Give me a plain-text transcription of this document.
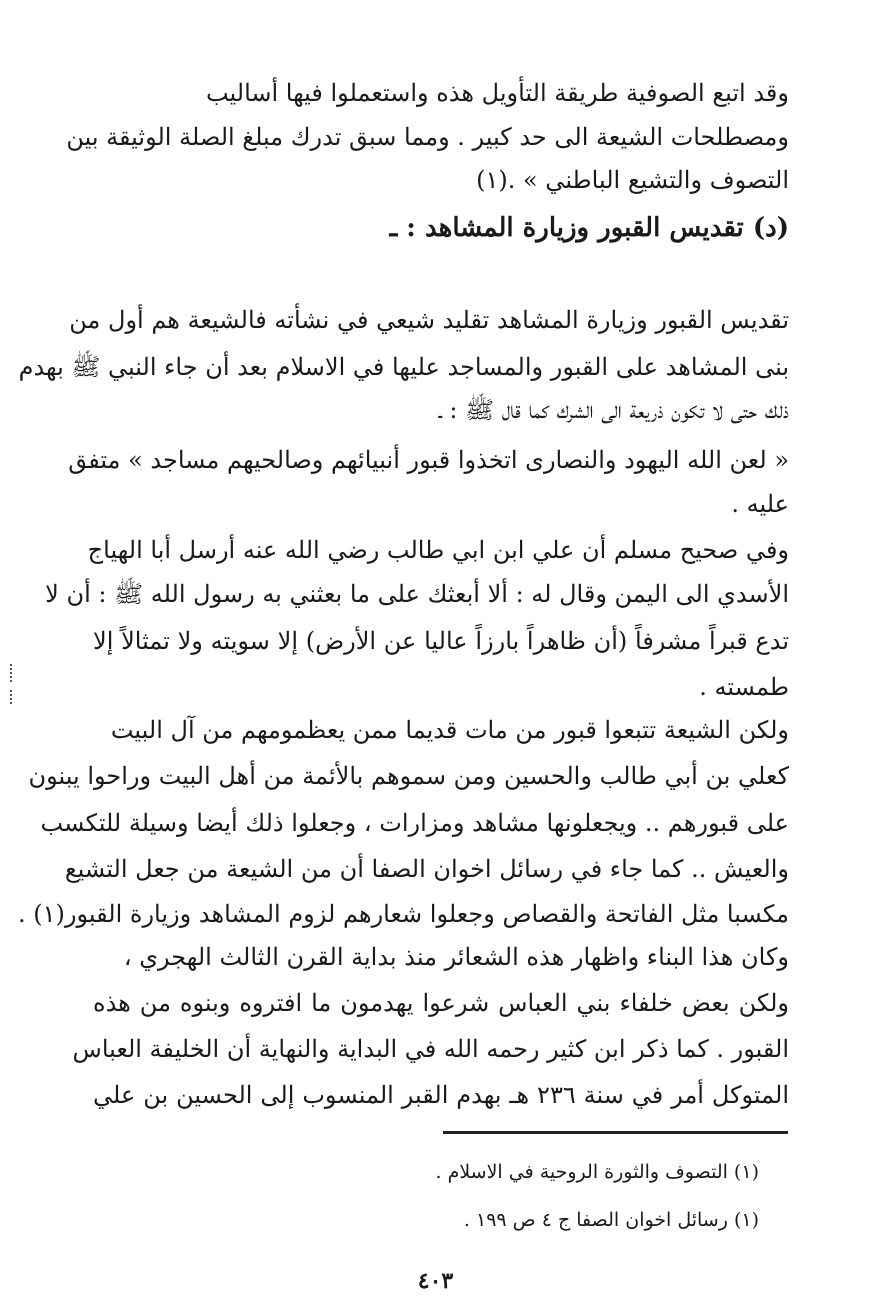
وقد اتبع الصوفية طريقة التأويل هذه واستعملوا فيها أساليب
ومصطلحات الشيعة الى حد كبير . ومما سبق تدرك مبلغ الصلة الوثيقة بين
التصوف والتشيع الباطني » .(١)
(د) تقديس القبور وزيارة المشاهد : ـ
تقديس القبور وزيارة المشاهد تقليد شيعي في نشأته فالشيعة هم أول من
بنى المشاهد على القبور والمساجد عليها في الاسلام بعد أن جاء النبي ﷺ بهدم
ذلك حتى لا تكون ذريعة الى الشرك كما قال ﷺ : ـ
« لعن الله اليهود والنصارى اتخذوا قبور أنبيائهم وصالحيهم مساجد » متفق
عليه .
وفي صحيح مسلم أن علي ابن ابي طالب رضي الله عنه أرسل أبا الهياج
الأسدي الى اليمن وقال له : ألا أبعثك على ما بعثني به رسول الله ﷺ : أن لا
تدع قبراً مشرفاً (أن ظاهراً بارزاً عاليا عن الأرض) إلا سويته ولا تمثالاً إلا
طمسته .
ولكن الشيعة تتبعوا قبور من مات قديما ممن يعظمومهم من آل البيت
كعلي بن أبي طالب والحسين ومن سموهم بالأئمة من أهل البيت وراحوا يبنون
على قبورهم .. ويجعلونها مشاهد ومزارات ، وجعلوا ذلك أيضا وسيلة للتكسب
والعيش .. كما جاء في رسائل اخوان الصفا أن من الشيعة من جعل التشيع
مكسبا مثل الفاتحة والقصاص وجعلوا شعارهم لزوم المشاهد وزيارة القبور(١) .
وكان هذا البناء واظهار هذه الشعائر منذ بداية القرن الثالث الهجري ،
ولكن بعض خلفاء بني العباس شرعوا يهدمون ما افتروه وبنوه من هذه
القبور . كما ذكر ابن كثير رحمه الله في البداية والنهاية أن الخليفة العباس
المتوكل أمر في سنة ٢٣٦ هـ بهدم القبر المنسوب إلى الحسين بن علي
(١) التصوف والثورة الروحية في الاسلام .
(١) رسائل اخوان الصفا ج ٤ ص ١٩٩ .
٤٠٣
